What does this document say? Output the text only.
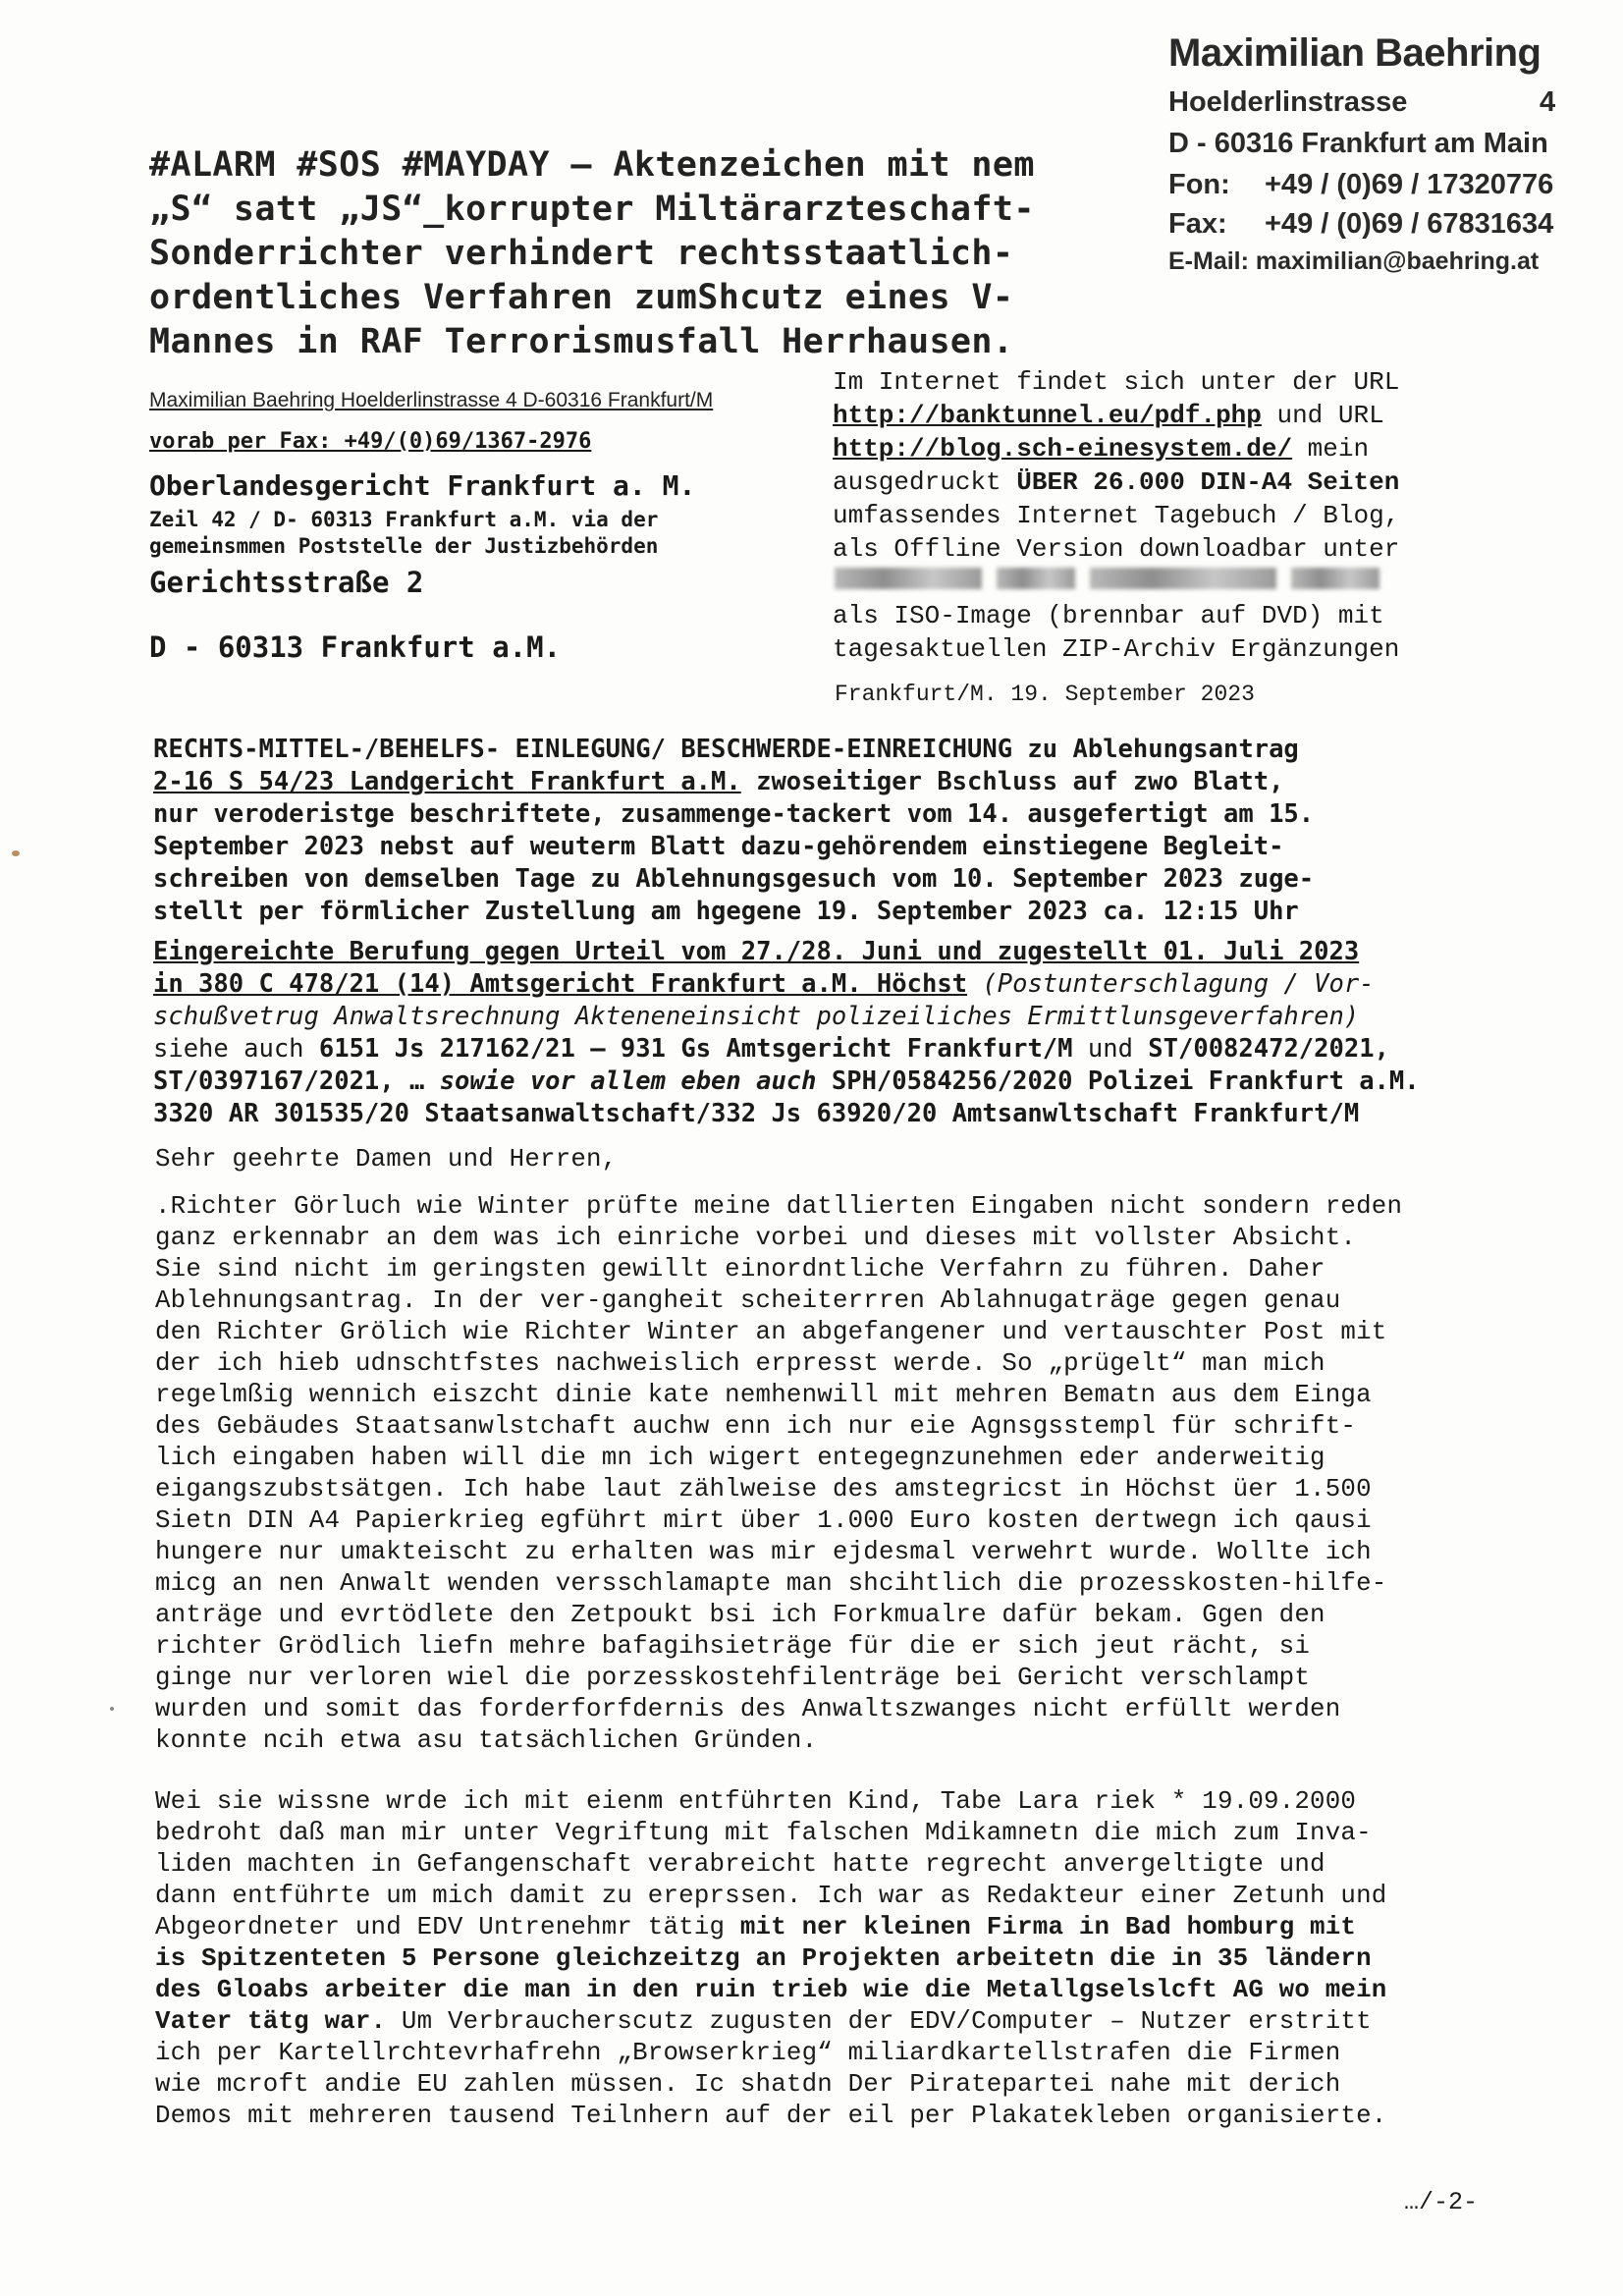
Maximilian Baehring
Hoelderlinstrasse	4
D - 60316 Frankfurt am Main
Fon: +49 / (0)69 / 17320776
Fax: +49 / (0)69 / 67831634
E-Mail: maximilian@baehring.at
#ALARM #SOS #MAYDAY – Aktenzeichen mit nem
„S“ satt „JS“_korrupter Miltärarzteschaft-
Sonderrichter verhindert rechtsstaatlich-
ordentliches Verfahren zumShcutz eines V-
Mannes in RAF Terrorismusfall Herrhausen.
Maximilian Baehring Hoelderlinstrasse 4 D-60316 Frankfurt/M
vorab per Fax: +49/(0)69/1367-2976
Oberlandesgericht Frankfurt a. M.
Zeil 42 / D- 60313 Frankfurt a.M. via der
gemeinsmmen Poststelle der Justizbehörden
Gerichtsstraße 2
D - 60313 Frankfurt a.M.
Im Internet findet sich unter der URL
http://banktunnel.eu/pdf.php und URL
http://blog.sch-einesystem.de/ mein
ausgedruckt ÜBER 26.000 DIN-A4 Seiten
umfassendes Internet Tagebuch / Blog,
als Offline Version downloadbar unter
als ISO-Image (brennbar auf DVD) mit
tagesaktuellen ZIP-Archiv Ergänzungen
Frankfurt/M. 19. September 2023
RECHTS-MITTEL-/BEHELFS- EINLEGUNG/ BESCHWERDE-EINREICHUNG zu Ablehungsantrag
2-16 S 54/23 Landgericht Frankfurt a.M. zwoseitiger Bschluss auf zwo Blatt,
nur veroderistge beschriftete, zusammenge-tackert vom 14. ausgefertigt am 15.
September 2023 nebst auf weuterm Blatt dazu-gehörendem einstiegene Begleit-
schreiben von demselben Tage zu Ablehnungsgesuch vom 10. September 2023 zuge-
stellt per förmlicher Zustellung am hgegene 19. September 2023 ca. 12:15 Uhr
Eingereichte Berufung gegen Urteil vom 27./28. Juni und zugestellt 01. Juli 2023
in 380 C 478/21 (14) Amtsgericht Frankfurt a.M. Höchst (Postunterschlagung / Vor-
schußvetrug Anwaltsrechnung Akteneneinsicht polizeiliches Ermittlunsgeverfahren)
siehe auch 6151 Js 217162/21 – 931 Gs Amtsgericht Frankfurt/M und ST/0082472/2021,
ST/0397167/2021, … sowie vor allem eben auch SPH/0584256/2020 Polizei Frankfurt a.M.
3320 AR 301535/20 Staatsanwaltschaft/332 Js 63920/20 Amtsanwltschaft Frankfurt/M
Sehr geehrte Damen und Herren,
.Richter Görluch wie Winter prüfte meine datllierten Eingaben nicht sondern reden
ganz erkennabr an dem was ich einriche vorbei und dieses mit vollster Absicht.
Sie sind nicht im geringsten gewillt einordntliche Verfahrn zu führen. Daher
Ablehnungsantrag. In der ver-gangheit scheiterrren Ablahnugaträge gegen genau
den Richter Grölich wie Richter Winter an abgefangener und vertauschter Post mit
der ich hieb udnschtfstes nachweislich erpresst werde. So „prügelt“ man mich
regelmßig wennich eiszcht dinie kate nemhenwill mit mehren Bematn aus dem Einga
des Gebäudes Staatsanwlstchaft auchw enn ich nur eie Agnsgsstempl für schrift-
lich eingaben haben will die mn ich wigert entegegnzunehmen eder anderweitig
eigangszubstsätgen. Ich habe laut zählweise des amstegricst in Höchst üer 1.500
Sietn DIN A4 Papierkrieg egführt mirt über 1.000 Euro kosten dertwegn ich qausi
hungere nur umakteischt zu erhalten was mir ejdesmal verwehrt wurde. Wollte ich
micg an nen Anwalt wenden versschlamapte man shcihtlich die prozesskosten-hilfe-
anträge und evrtödlete den Zetpoukt bsi ich Forkmualre dafür bekam. Ggen den
richter Grödlich liefn mehre bafagihsieträge für die er sich jeut rächt, si
ginge nur verloren wiel die porzesskostehfilenträge bei Gericht verschlampt
wurden und somit das forderforfdernis des Anwaltszwanges nicht erfüllt werden
konnte ncih etwa asu tatsächlichen Gründen.
Wei sie wissne wrde ich mit eienm entführten Kind, Tabe Lara riek * 19.09.2000
bedroht daß man mir unter Vegriftung mit falschen Mdikamnetn die mich zum Inva-
liden machten in Gefangenschaft verabreicht hatte regrecht anvergeltigte und
dann entführte um mich damit zu ereprssen. Ich war as Redakteur einer Zetunh und
Abgeordneter und EDV Untrenehmr tätig mit ner kleinen Firma in Bad homburg mit
is Spitzenteten 5 Persone gleichzeitzg an Projekten arbeitetn die in 35 ländern
des Gloabs arbeiter die man in den ruin trieb wie die Metallgselslcft AG wo mein
Vater tätg war. Um Verbraucherscutz zugusten der EDV/Computer – Nutzer erstritt
ich per Kartellrchtevrhafrehn „Browserkrieg“ miliardkartellstrafen die Firmen
wie mcroft andie EU zahlen müssen. Ic shatdn Der Piratepartei nahe mit derich
Demos mit mehreren tausend Teilnhern auf der eil per Plakatekleben organisierte.
…/-2-
